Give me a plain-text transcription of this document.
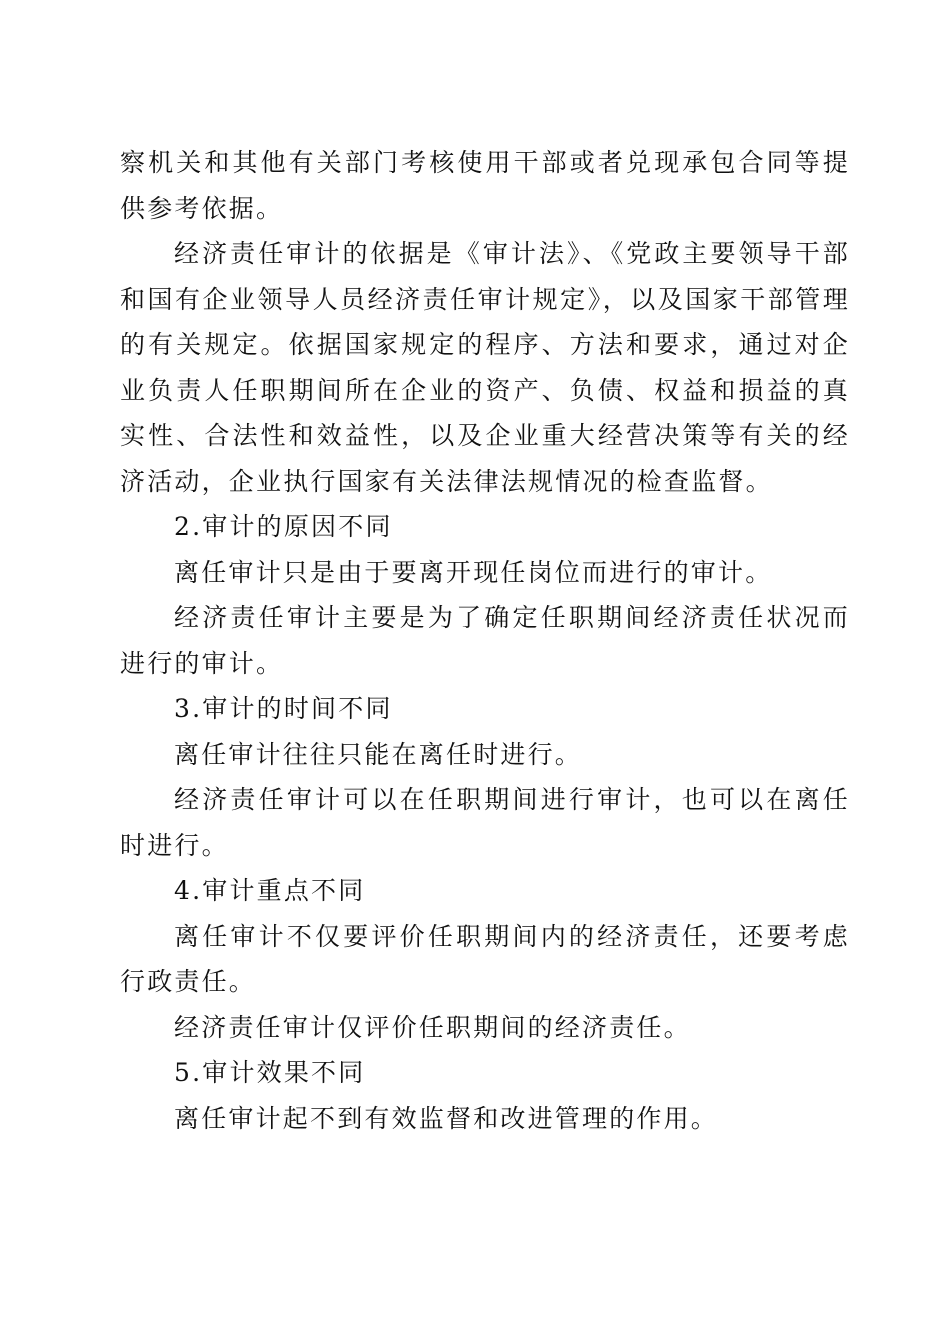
察机关和其他有关部门考核使用干部或者兑现承包合同等提供参考依据。

经济责任审计的依据是《审计法》、《党政主要领导干部和国有企业领导人员经济责任审计规定》，以及国家干部管理的有关规定。依据国家规定的程序、方法和要求，通过对企业负责人任职期间所在企业的资产、负债、权益和损益的真实性、合法性和效益性，以及企业重大经营决策等有关的经济活动，企业执行国家有关法律法规情况的检查监督。

2.审计的原因不同

离任审计只是由于要离开现任岗位而进行的审计。

经济责任审计主要是为了确定任职期间经济责任状况而进行的审计。

3.审计的时间不同

离任审计往往只能在离任时进行。

经济责任审计可以在任职期间进行审计，也可以在离任时进行。

4.审计重点不同

离任审计不仅要评价任职期间内的经济责任，还要考虑行政责任。

经济责任审计仅评价任职期间的经济责任。

5.审计效果不同

离任审计起不到有效监督和改进管理的作用。
